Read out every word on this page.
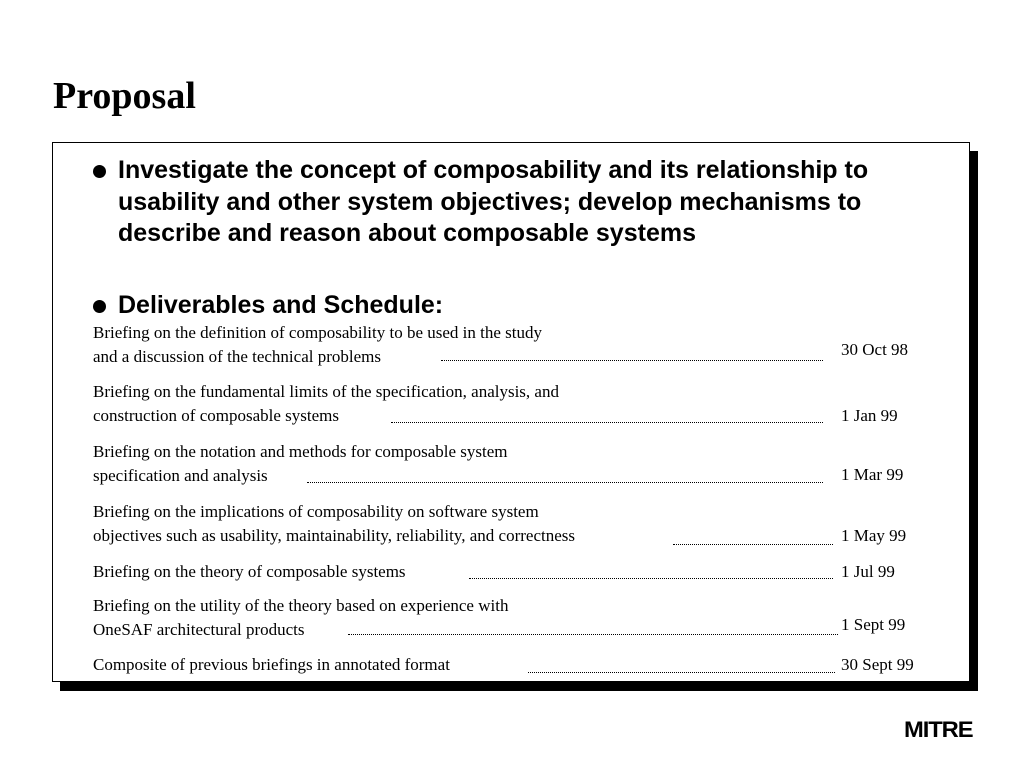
Proposal
Investigate the concept of composability and its relationship to usability and other system objectives; develop mechanisms to describe and reason about composable systems
Deliverables and Schedule:
Briefing on the definition of composability to be used in the study
and a discussion of the technical problems	30 Oct 98
Briefing on the fundamental limits of the specification, analysis, and
construction of composable systems	1 Jan 99
Briefing on the notation and methods for composable system
specification and analysis	1 Mar 99
Briefing on the implications of composability on software system
objectives such as usability, maintainability, reliability, and correctness	1 May 99
Briefing on the theory of composable systems	1 Jul 99
Briefing on the utility of the theory based on experience with
OneSAF architectural products	1 Sept 99
Composite of previous briefings in annotated format	30 Sept 99
MITRE
